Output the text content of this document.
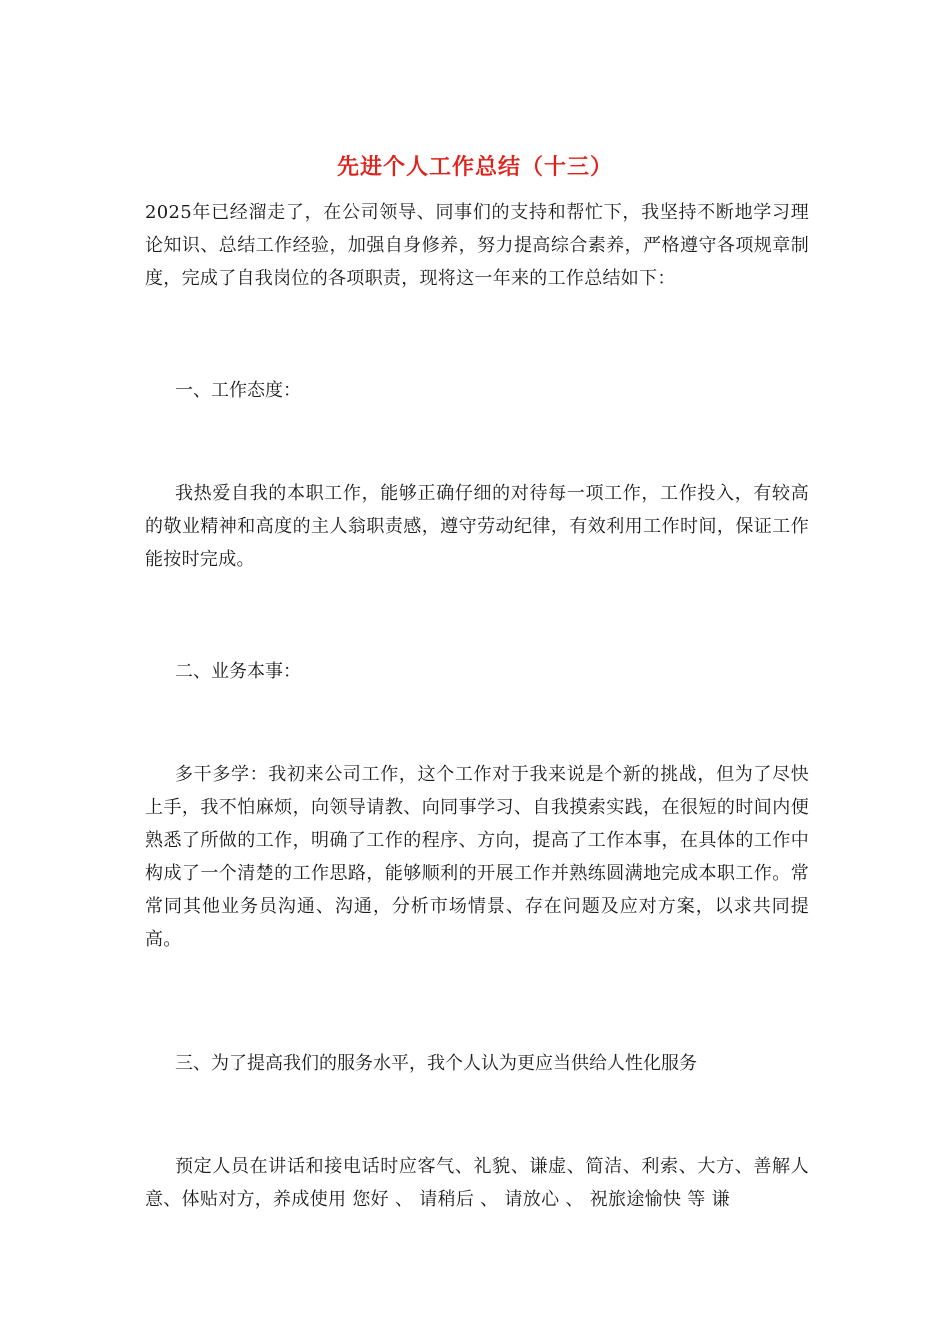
先进个人工作总结（十三）

2025年已经溜走了，在公司领导、同事们的支持和帮忙下，我坚持不断地学习理论知识、总结工作经验，加强自身修养，努力提高综合素养，严格遵守各项规章制度，完成了自我岗位的各项职责，现将这一年来的工作总结如下：

一、工作态度：

我热爱自我的本职工作，能够正确仔细的对待每一项工作，工作投入，有较高的敬业精神和高度的主人翁职责感，遵守劳动纪律，有效利用工作时间，保证工作能按时完成。

二、业务本事：

多干多学：我初来公司工作，这个工作对于我来说是个新的挑战，但为了尽快上手，我不怕麻烦，向领导请教、向同事学习、自我摸索实践，在很短的时间内便熟悉了所做的工作，明确了工作的程序、方向，提高了工作本事，在具体的工作中构成了一个清楚的工作思路，能够顺利的开展工作并熟练圆满地完成本职工作。常常同其他业务员沟通、沟通，分析市场情景、存在问题及应对方案，以求共同提高。

三、为了提高我们的服务水平，我个人认为更应当供给人性化服务

预定人员在讲话和接电话时应客气、礼貌、谦虚、简洁、利索、大方、善解人意、体贴对方，养成使用 您好 、 请稍后 、 请放心 、 祝旅途愉快 等 谦
